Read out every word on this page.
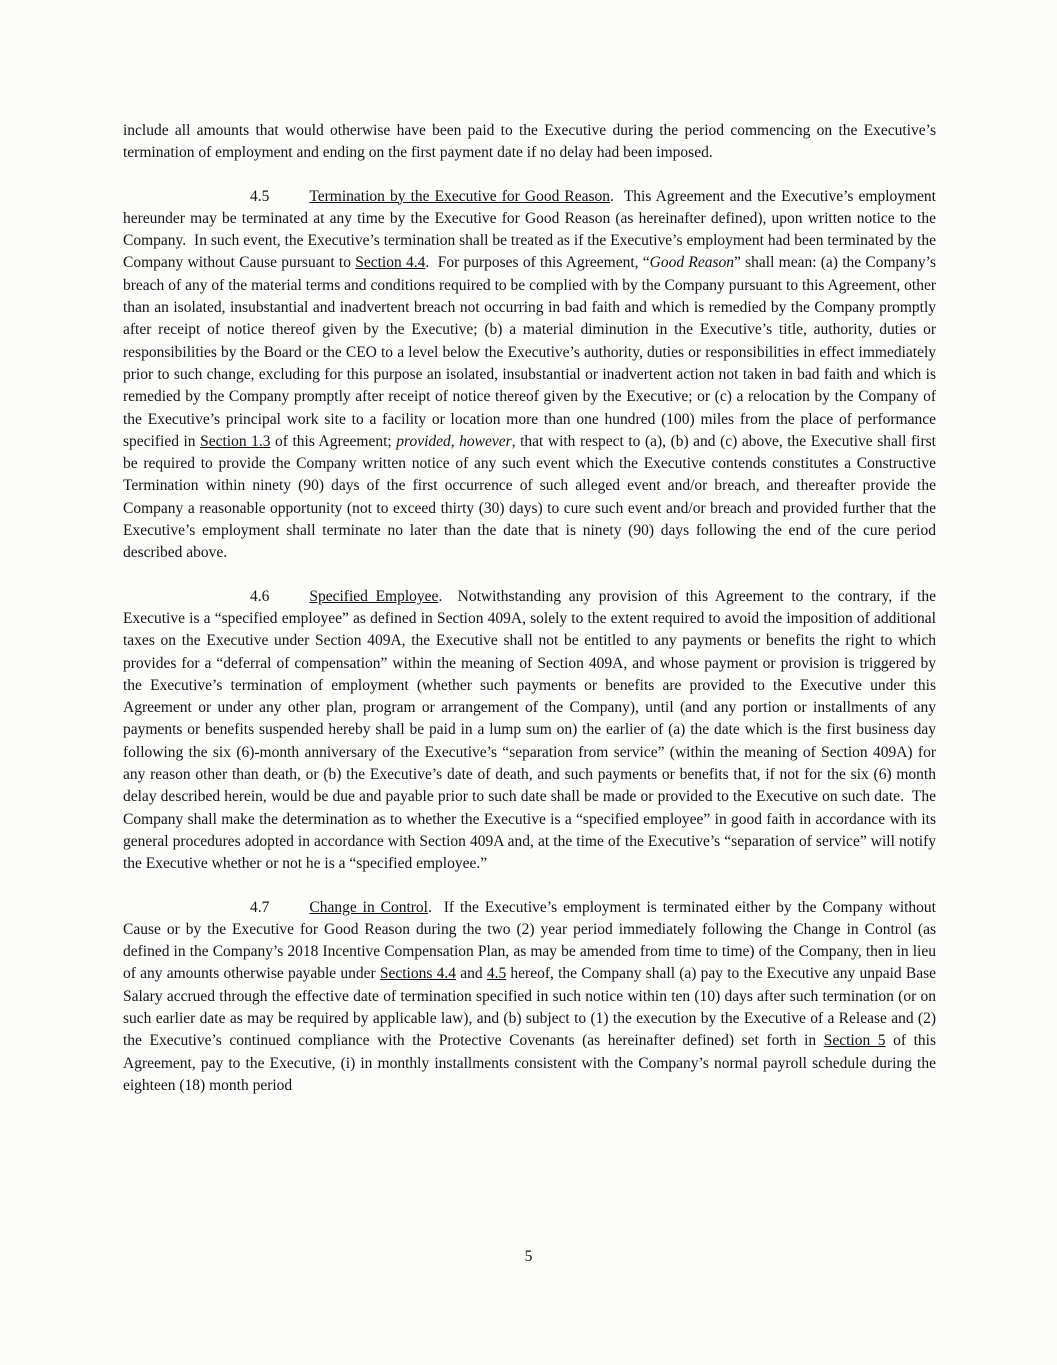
include all amounts that would otherwise have been paid to the Executive during the period commencing on the Executive’s termination of employment and ending on the first payment date if no delay had been imposed.

4.5	Termination by the Executive for Good Reason.  This Agreement and the Executive’s employment hereunder may be terminated at any time by the Executive for Good Reason (as hereinafter defined), upon written notice to the Company.  In such event, the Executive’s termination shall be treated as if the Executive’s employment had been terminated by the Company without Cause pursuant to Section 4.4.  For purposes of this Agreement, “Good Reason” shall mean: (a) the Company’s breach of any of the material terms and conditions required to be complied with by the Company pursuant to this Agreement, other than an isolated, insubstantial and inadvertent breach not occurring in bad faith and which is remedied by the Company promptly after receipt of notice thereof given by the Executive; (b) a material diminution in the Executive’s title, authority, duties or responsibilities by the Board or the CEO to a level below the Executive’s authority, duties or responsibilities in effect immediately prior to such change, excluding for this purpose an isolated, insubstantial or inadvertent action not taken in bad faith and which is remedied by the Company promptly after receipt of notice thereof given by the Executive; or (c) a relocation by the Company of the Executive’s principal work site to a facility or location more than one hundred (100) miles from the place of performance specified in Section 1.3 of this Agreement; provided, however, that with respect to (a), (b) and (c) above, the Executive shall first be required to provide the Company written notice of any such event which the Executive contends constitutes a Constructive Termination within ninety (90) days of the first occurrence of such alleged event and/or breach, and thereafter provide the Company a reasonable opportunity (not to exceed thirty (30) days) to cure such event and/or breach and provided further that the Executive’s employment shall terminate no later than the date that is ninety (90) days following the end of the cure period described above.

4.6	Specified Employee.  Notwithstanding any provision of this Agreement to the contrary, if the Executive is a “specified employee” as defined in Section 409A, solely to the extent required to avoid the imposition of additional taxes on the Executive under Section 409A, the Executive shall not be entitled to any payments or benefits the right to which provides for a “deferral of compensation” within the meaning of Section 409A, and whose payment or provision is triggered by the Executive’s termination of employment (whether such payments or benefits are provided to the Executive under this Agreement or under any other plan, program or arrangement of the Company), until (and any portion or installments of any payments or benefits suspended hereby shall be paid in a lump sum on) the earlier of (a) the date which is the first business day following the six (6)-month anniversary of the Executive’s “separation from service” (within the meaning of Section 409A) for any reason other than death, or (b) the Executive’s date of death, and such payments or benefits that, if not for the six (6) month delay described herein, would be due and payable prior to such date shall be made or provided to the Executive on such date.  The Company shall make the determination as to whether the Executive is a “specified employee” in good faith in accordance with its general procedures adopted in accordance with Section 409A and, at the time of the Executive’s “separation of service” will notify the Executive whether or not he is a “specified employee.”

4.7	Change in Control.  If the Executive’s employment is terminated either by the Company without Cause or by the Executive for Good Reason during the two (2) year period immediately following the Change in Control (as defined in the Company’s 2018 Incentive Compensation Plan, as may be amended from time to time) of the Company, then in lieu of any amounts otherwise payable under Sections 4.4 and 4.5 hereof, the Company shall (a) pay to the Executive any unpaid Base Salary accrued through the effective date of termination specified in such notice within ten (10) days after such termination (or on such earlier date as may be required by applicable law), and (b) subject to (1) the execution by the Executive of a Release and (2) the Executive’s continued compliance with the Protective Covenants (as hereinafter defined) set forth in Section 5 of this Agreement, pay to the Executive, (i) in monthly installments consistent with the Company’s normal payroll schedule during the eighteen (18) month period

5
